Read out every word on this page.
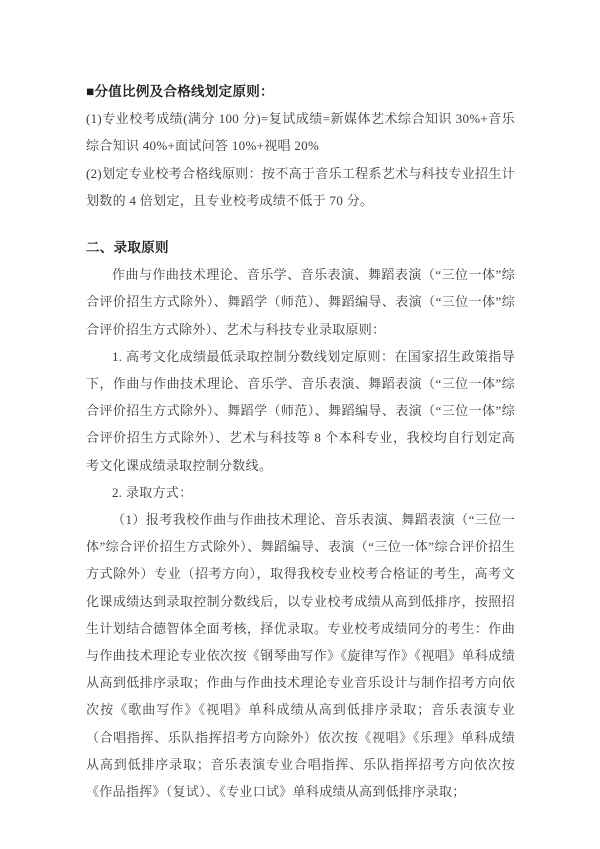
■分值比例及合格线划定原则：

(1)专业校考成绩(满分 100 分)=复试成绩=新媒体艺术综合知识 30%+音乐综合知识 40%+面试问答 10%+视唱 20%

(2)划定专业校考合格线原则：按不高于音乐工程系艺术与科技专业招生计划数的 4 倍划定，且专业校考成绩不低于 70 分。

二、录取原则

作曲与作曲技术理论、音乐学、音乐表演、舞蹈表演（“三位一体”综合评价招生方式除外）、舞蹈学（师范）、舞蹈编导、表演（“三位一体”综合评价招生方式除外）、艺术与科技专业录取原则：

1. 高考文化成绩最低录取控制分数线划定原则：在国家招生政策指导下，作曲与作曲技术理论、音乐学、音乐表演、舞蹈表演（“三位一体”综合评价招生方式除外）、舞蹈学（师范）、舞蹈编导、表演（“三位一体”综合评价招生方式除外）、艺术与科技等 8 个本科专业，我校均自行划定高考文化课成绩录取控制分数线。

2. 录取方式：

（1）报考我校作曲与作曲技术理论、音乐表演、舞蹈表演（“三位一体”综合评价招生方式除外）、舞蹈编导、表演（“三位一体”综合评价招生方式除外）专业（招考方向），取得我校专业校考合格证的考生，高考文化课成绩达到录取控制分数线后，以专业校考成绩从高到低排序，按照招生计划结合德智体全面考核，择优录取。专业校考成绩同分的考生：作曲与作曲技术理论专业依次按《钢琴曲写作》《旋律写作》《视唱》单科成绩从高到低排序录取；作曲与作曲技术理论专业音乐设计与制作招考方向依次按《歌曲写作》《视唱》单科成绩从高到低排序录取；音乐表演专业（合唱指挥、乐队指挥招考方向除外）依次按《视唱》《乐理》单科成绩从高到低排序录取；音乐表演专业合唱指挥、乐队指挥招考方向依次按《作品指挥》（复试）、《专业口试》单科成绩从高到低排序录取；
